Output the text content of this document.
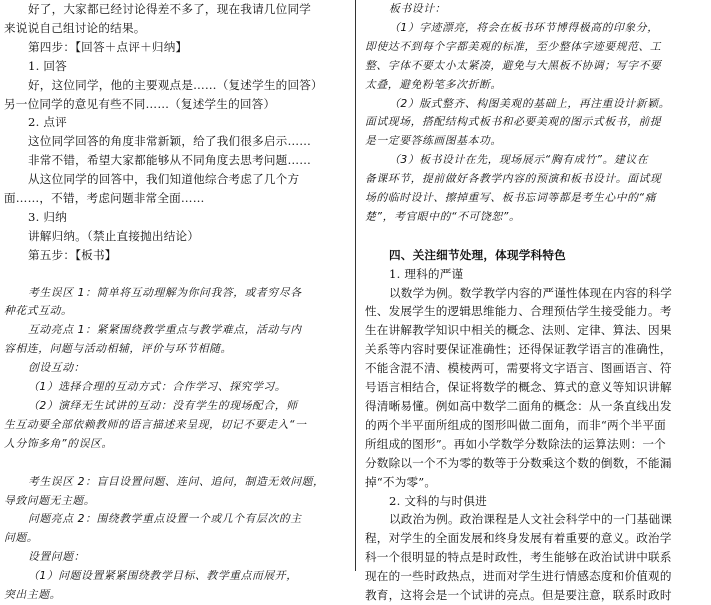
好了，大家都已经讨论得差不多了，现在我请几位同学
来说说自己组讨论的结果。
第四步：【回答＋点评＋归纳】
1. 回答
好，这位同学，他的主要观点是……（复述学生的回答）
另一位同学的意见有些不同……（复述学生的回答）
2. 点评
这位同学回答的角度非常新颖，给了我们很多启示……
非常不错，希望大家都能够从不同角度去思考问题……
从这位同学的回答中，我们知道他综合考虑了几个方
面……，不错，考虑问题非常全面……
3. 归纳
讲解归纳。（禁止直接抛出结论）
第五步：【板书】
考生误区 1：简单将互动理解为你问我答，或者穷尽各
种花式互动。
互动亮点 1：紧紧围绕教学重点与教学难点，活动与内
容相连，问题与活动相辅，评价与环节相随。
创设互动：
（1）选择合理的互动方式：合作学习、探究学习。
（2）演绎无生试讲的互动：没有学生的现场配合，师
生互动要全部依赖教师的语言描述来呈现，切记不要走入“一
人分饰多角”的误区。
考生误区 2：盲目设置问题、连问、追问，制造无效问题，
导致问题无主题。
问题亮点 2：围绕教学重点设置一个或几个有层次的主
问题。
设置问题：
（1）问题设置紧紧围绕教学目标、教学重点而展开，
突出主题。
板书设计：
（1）字迹漂亮，将会在板书环节博得极高的印象分，
即使达不到每个字都美观的标准，至少整体字迹要规范、工
整、字体不要太小太紧凑，避免与大黑板不协调；写字不要
太叠，避免粉笔多次折断。
（2）版式整齐、构图美观的基础上，再注重设计新颖。
面试现场，搭配结构式板书和必要美观的图示式板书，前提
是一定要答练画图基本功。
（3）板书设计在先，现场展示“胸有成竹”。建议在
备课环节，提前做好各教学内容的预演和板书设计。面试现
场的临时设计、擦掉重写、板书忘词等都是考生心中的“痛
楚”，考官眼中的“不可饶恕”。
四、关注细节处理，体现学科特色
1. 理科的严谨
以数学为例。数学教学内容的严谨性体现在内容的科学
性、发展学生的逻辑思维能力、合理预估学生接受能力。考
生在讲解教学知识中相关的概念、法则、定律、算法、因果
关系等内容时要保证准确性；还得保证教学语言的准确性，
不能含混不清、模棱两可，需要将文字语言、图画语言、符
号语言相结合，保证将数学的概念、算式的意义等知识讲解
得清晰易懂。例如高中数学二面角的概念：从一条直线出发
的两个半平面所组成的图形叫做二面角，而非“两个半平面
所组成的图形”。再如小学数学分数除法的运算法则：一个
分数除以一个不为零的数等于分数乘这个数的倒数，不能漏
掉“不为零”。
2. 文科的与时俱进
以政治为例。政治课程是人文社会科学中的一门基础课
程，对学生的全面发展和终身发展有着重要的意义。政治学
科一个很明显的特点是时政性，考生能够在政治试讲中联系
现在的一些时政热点，进而对学生进行情感态度和价值观的
教育，这将会是一个试讲的亮点。但是要注意，联系时政时
